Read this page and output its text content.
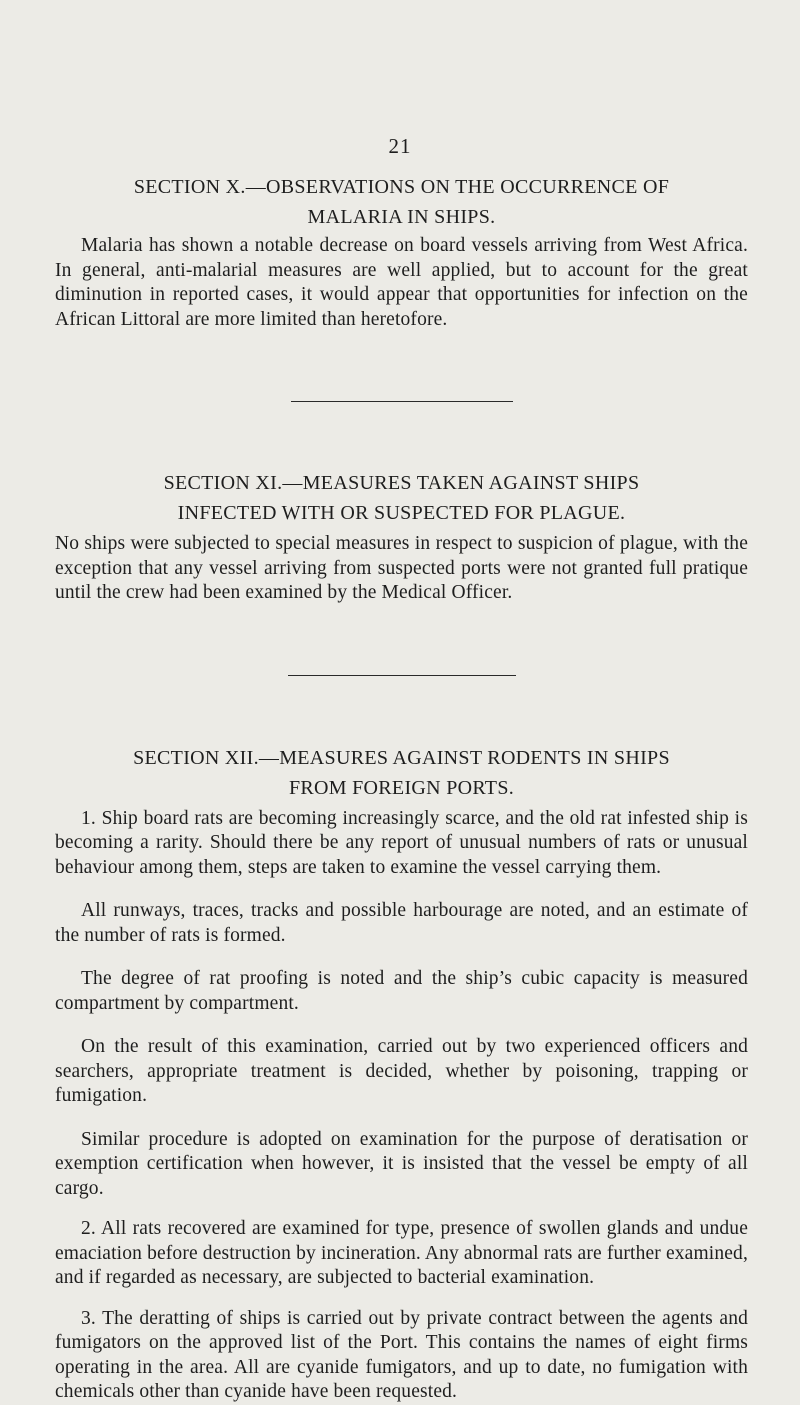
21
SECTION X.—OBSERVATIONS ON THE OCCURRENCE OF
MALARIA IN SHIPS.

Malaria has shown a notable decrease on board vessels arriving from West Africa. In general, anti-malarial measures are well applied, but to account for the great diminution in reported cases, it would appear that opportunities for infection on the African Littoral are more limited than heretofore.

SECTION XI.—MEASURES TAKEN AGAINST SHIPS
INFECTED WITH OR SUSPECTED FOR PLAGUE.

No ships were subjected to special measures in respect to suspicion of plague, with the exception that any vessel arriving from suspected ports were not granted full pratique until the crew had been examined by the Medical Officer.

SECTION XII.—MEASURES AGAINST RODENTS IN SHIPS
FROM FOREIGN PORTS.

1. Ship board rats are becoming increasingly scarce, and the old rat infested ship is becoming a rarity. Should there be any report of unusual numbers of rats or unusual behaviour among them, steps are taken to examine the vessel carrying them.

All runways, traces, tracks and possible harbourage are noted, and an estimate of the number of rats is formed.

The degree of rat proofing is noted and the ship’s cubic capacity is measured compartment by compartment.

On the result of this examination, carried out by two experienced officers and searchers, appropriate treatment is decided, whether by poisoning, trapping or fumigation.

Similar procedure is adopted on examination for the purpose of deratisation or exemption certification when however, it is insisted that the vessel be empty of all cargo.

2. All rats recovered are examined for type, presence of swollen glands and undue emaciation before destruction by incineration. Any abnormal rats are further examined, and if regarded as necessary, are subjected to bacterial examination.

3. The deratting of ships is carried out by private contract between the agents and fumigators on the approved list of the Port. This contains the names of eight firms operating in the area. All are cyanide fumigators, and up to date, no fumigation with chemicals other than cyanide have been requested.
